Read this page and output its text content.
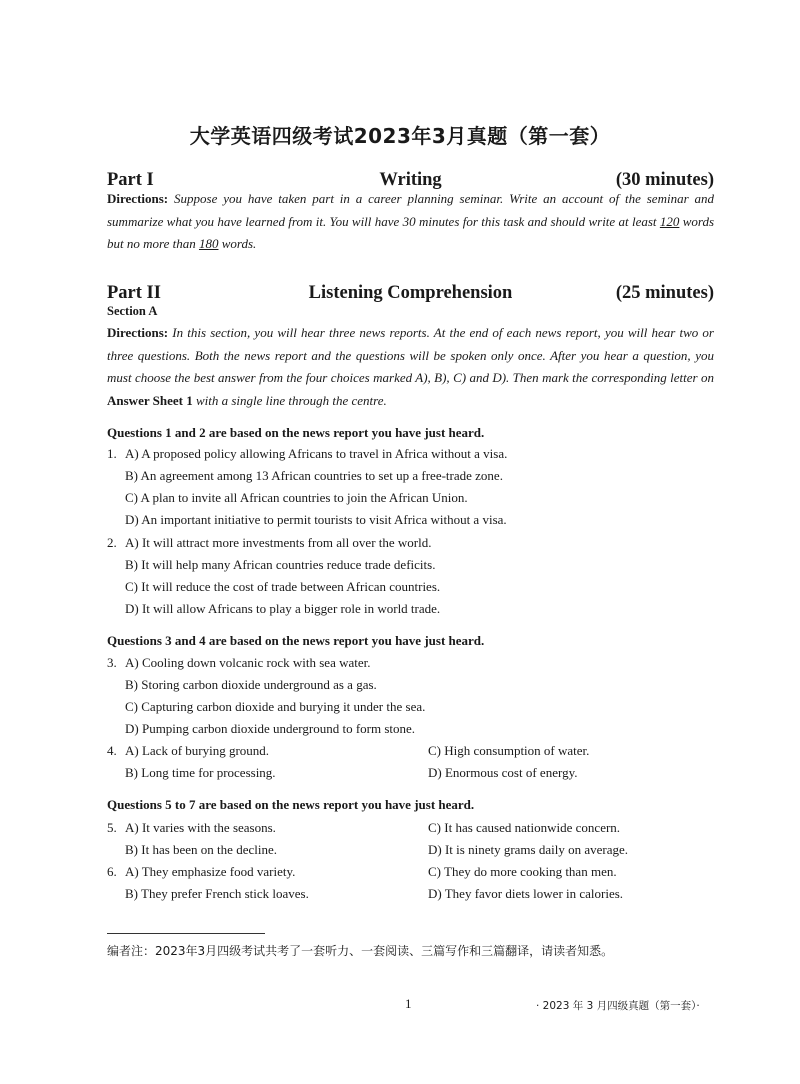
大学英语四级考试2023年3月真题（第一套）
Part I	Writing	(30 minutes)
Directions: Suppose you have taken part in a career planning seminar. Write an account of the seminar and summarize what you have learned from it. You will have 30 minutes for this task and should write at least 120 words but no more than 180 words.
Part II	Listening Comprehension	(25 minutes)
Section A
Directions: In this section, you will hear three news reports. At the end of each news report, you will hear two or three questions. Both the news report and the questions will be spoken only once. After you hear a question, you must choose the best answer from the four choices marked A), B), C) and D). Then mark the corresponding letter on Answer Sheet 1 with a single line through the centre.
Questions 1 and 2 are based on the news report you have just heard.
1. A) A proposed policy allowing Africans to travel in Africa without a visa.
B) An agreement among 13 African countries to set up a free-trade zone.
C) A plan to invite all African countries to join the African Union.
D) An important initiative to permit tourists to visit Africa without a visa.
2. A) It will attract more investments from all over the world.
B) It will help many African countries reduce trade deficits.
C) It will reduce the cost of trade between African countries.
D) It will allow Africans to play a bigger role in world trade.
Questions 3 and 4 are based on the news report you have just heard.
3. A) Cooling down volcanic rock with sea water.
B) Storing carbon dioxide underground as a gas.
C) Capturing carbon dioxide and burying it under the sea.
D) Pumping carbon dioxide underground to form stone.
4. A) Lack of burying ground.
B) Long time for processing.
C) High consumption of water.
D) Enormous cost of energy.
Questions 5 to 7 are based on the news report you have just heard.
5. A) It varies with the seasons.
B) It has been on the decline.
C) It has caused nationwide concern.
D) It is ninety grams daily on average.
6. A) They emphasize food variety.
B) They prefer French stick loaves.
C) They do more cooking than men.
D) They favor diets lower in calories.
编者注：2023年3月四级考试共考了一套听力、一套阅读、三篇写作和三篇翻译，请读者知悉。
1	· 2023 年 3 月四级真题（第一套）·
